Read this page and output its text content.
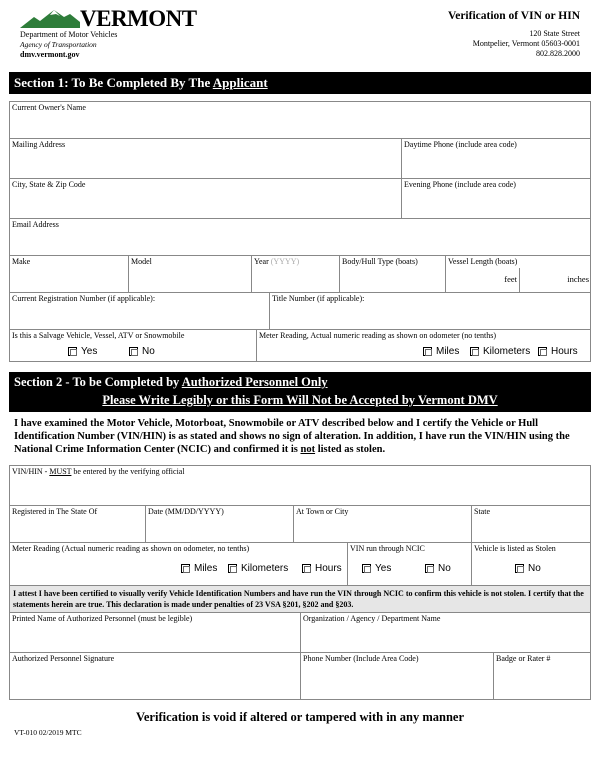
VERMONT
Department of Motor Vehicles
Agency of Transportation
dmv.vermont.gov
Verification of VIN or HIN
120 State Street
Montpelier, Vermont 05603-0001
802.828.2000
Section 1: To Be Completed By The Applicant
Current Owner's Name
Mailing Address	Daytime Phone (include area code)
City, State & Zip Code	Evening Phone (include area code)
Email Address
Make	Model	Year (YYYY)	Body/Hull Type (boats)	Vessel Length (boats)
feet	inches
Current Registration Number (if applicable):	Title Number (if applicable):
Is this a Salvage Vehicle, Vessel, ATV or Snowmobile
Yes	No
Meter Reading, Actual numeric reading as shown on odometer (no tenths)
Miles Kilometers Hours
Section 2 - To be Completed by Authorized Personnel Only
Please Write Legibly or this Form Will Not be Accepted by Vermont DMV
I have examined the Motor Vehicle, Motorboat, Snowmobile or ATV described below and I certify the Vehicle or Hull Identification Number (VIN/HIN) is as stated and shows no sign of alteration. In addition, I have run the VIN/HIN using the National Crime Information Center (NCIC) and confirmed it is not listed as stolen.
VIN/HIN - MUST be entered by the verifying official
Registered in The State Of	Date (MM/DD/YYYY)	At Town or City	State
Meter Reading (Actual numeric reading as shown on odometer, no tenths)
Miles Kilometers	Hours
VIN run through NCIC
Yes	No
Vehicle is listed as Stolen
No
I attest I have been certified to visually verify Vehicle Identification Numbers and have run the VIN through NCIC to confirm this vehicle is not stolen. I certify that the statements herein are true. This declaration is made under penalties of 23 VSA §201, §202 and §203.
Printed Name of Authorized Personnel (must be legible)	Organization / Agency / Department Name
Authorized Personnel Signature	Phone Number (Include Area Code)	Badge or Rater #
Verification is void if altered or tampered with in any manner
VT-010 02/2019 MTC
